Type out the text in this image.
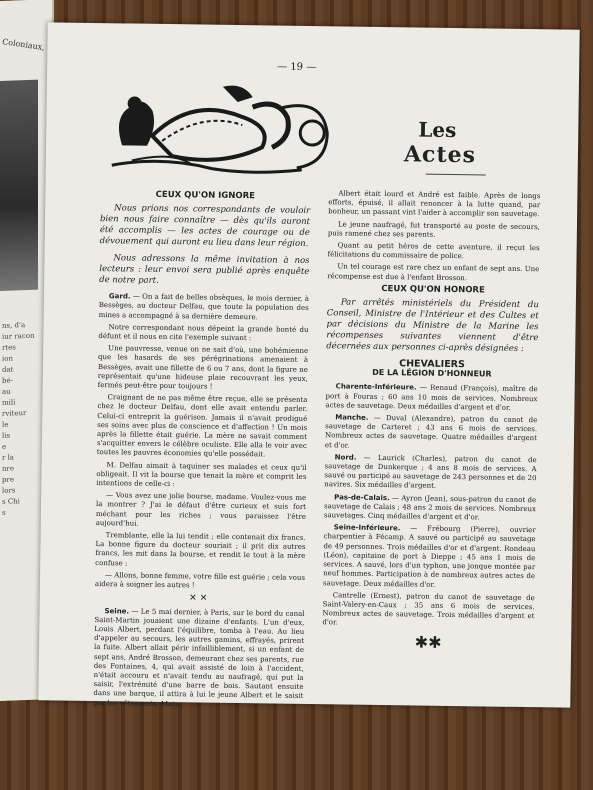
Coloniaux,
ns, d'a
iur racon
rtes
ion
dat
bé-
au
mili
rviteur
le
lis
e
r la
nre
pre
lors
s Chi
s
— 19 —
Les
Actes
CEUX QU'ON IGNORE

Nous prions nos correspondants de vouloir bien nous faire connaître — dès qu'ils auront été accomplis — les actes de courage ou de dévouement qui auront eu lieu dans leur région.

Nous adressons la même invitation à nos lecteurs : leur envoi sera publié après enquête de notre part.

Gard. — On a fait de belles obsèques, le mois dernier, à Bessèges, au docteur Delfau, que toute la population des mines a accompagné à sa dernière demeure.

Notre correspondant nous dépeint la grande bonté du défunt et il nous en cite l'exemple suivant :

Une pauvresse, venue on ne sait d'où, une bohémienne que les hasards de ses pérégrinations amenaient à Bessèges, avait une fillette de 6 ou 7 ans, dont la figure ne représentait qu'une hideuse plaie recouvrant les yeux, fermés peut-être pour toujours !

Craignant de ne pas même être reçue, elle se présenta chez le docteur Delfau, dont elle avait entendu parler. Celui-ci entreprit la guérison. Jamais il n'avait prodigué ses soins avec plus de conscience et d'affection ! Un mois après la fillette était guérie. La mère ne savait comment s'acquitter envers le célèbre oculiste. Elle alla le voir avec toutes les pauvres économies qu'elle possédait.

M. Delfau aimait à taquiner ses malades et ceux qu'il obligeait. Il vit la bourse que tenait la mère et comprit les intentions de celle-ci :

— Vous avez une jolie bourse, madame. Voulez-vous me la montrer ? J'ai le défaut d'être curieux et suis fort méchant pour les riches ; vous paraissez l'être aujourd'hui.

Tremblante, elle la lui tendit ; elle contenait dix francs. La bonne figure du docteur souriait ; il prit dix autres francs, les mit dans la bourse, et rendit le tout à la mère confuse :

— Allons, bonne femme, votre fille est guérie ; cela vous aidera à soigner les autres !

✕✕

Seine. — Le 5 mai dernier, à Paris, sur le bord du canal Saint-Martin jouaient une dizaine d'enfants. L'un d'eux, Louis Albert, perdant l'équilibre, tomba à l'eau. Au lieu d'appeler au secours, les autres gamins, effrayés, prirent la fuite. Albert allait périr infailliblement, si un enfant de sept ans, André Brosson, demeurant chez ses parents, rue des Fontaines, 4, qui avait assisté de loin à l'accident, n'était accouru et n'avait tendu au naufragé, qui put la saisir, l'extrémité d'une barre de bois. Sautant ensuite dans une barque, il attira à lui le jeune Albert et le saisit par les vêtements. Mais

Albert était lourd et André est faible. Après de longs efforts, épuisé, il allait renoncer à la lutte quand, par bonheur, un passant vint l'aider à accomplir son sauvetage.

Le jeune naufragé, fut transporté au poste de secours, puis ramené chez ses parents.

Quant au petit héros de cette aventure, il reçut les félicitations du commissaire de police.

Un tel courage est rare chez un enfant de sept ans. Une récompense est due à l'enfant Brosson.

CEUX QU'ON HONORE

Par arrêtés ministériels du Président du Conseil, Ministre de l'Intérieur et des Cultes et par décisions du Ministre de la Marine les récompenses suivantes viennent d'être décernées aux personnes ci-après désignées :

CHEVALIERS
DE LA LÉGION D'HONNEUR

Charente-Inférieure. — Renaud (François), maître de port à Fouras ; 60 ans 10 mois de services. Nombreux actes de sauvetage. Deux médailles d'argent et d'or.

Manche. — Duval (Alexandre), patron du canot de sauvetage de Carteret ; 43 ans 6 mois de services. Nombreux actes de sauvetage. Quatre médailles d'argent et d'or.

Nord. — Laurick (Charles), patron du canot de sauvetage de Dunkerque ; 4 ans 8 mois de services. A sauvé ou participé au sauvetage de 243 personnes et de 20 navires. Six médailles d'argent.

Pas-de-Calais. — Ayron (Jean), sous-patron du canot de sauvetage de Calais ; 48 ans 2 mois de services. Nombreux sauvetages. Cinq médailles d'argent et d'or.

Seine-Inférieure. — Frébourg (Pierre), ouvrier charpentier à Fécamp. A sauvé ou participé au sauvetage de 49 personnes. Trois médailles d'or et d'argent. Rondeau (Léon), capitaine de port à Dieppe ; 45 ans 1 mois de services. A sauvé, lors d'un typhon, une jonque montée par neuf hommes. Participation à de nombreux autres actes de sauvetage. Deux médailles d'or.

Cantrelle (Ernest), patron du canot de sauvetage de Saint-Valery-en-Caux ; 35 ans 6 mois de services. Nombreux actes de sauvetage. Trois médailles d'argent et d'or.

✱✱
